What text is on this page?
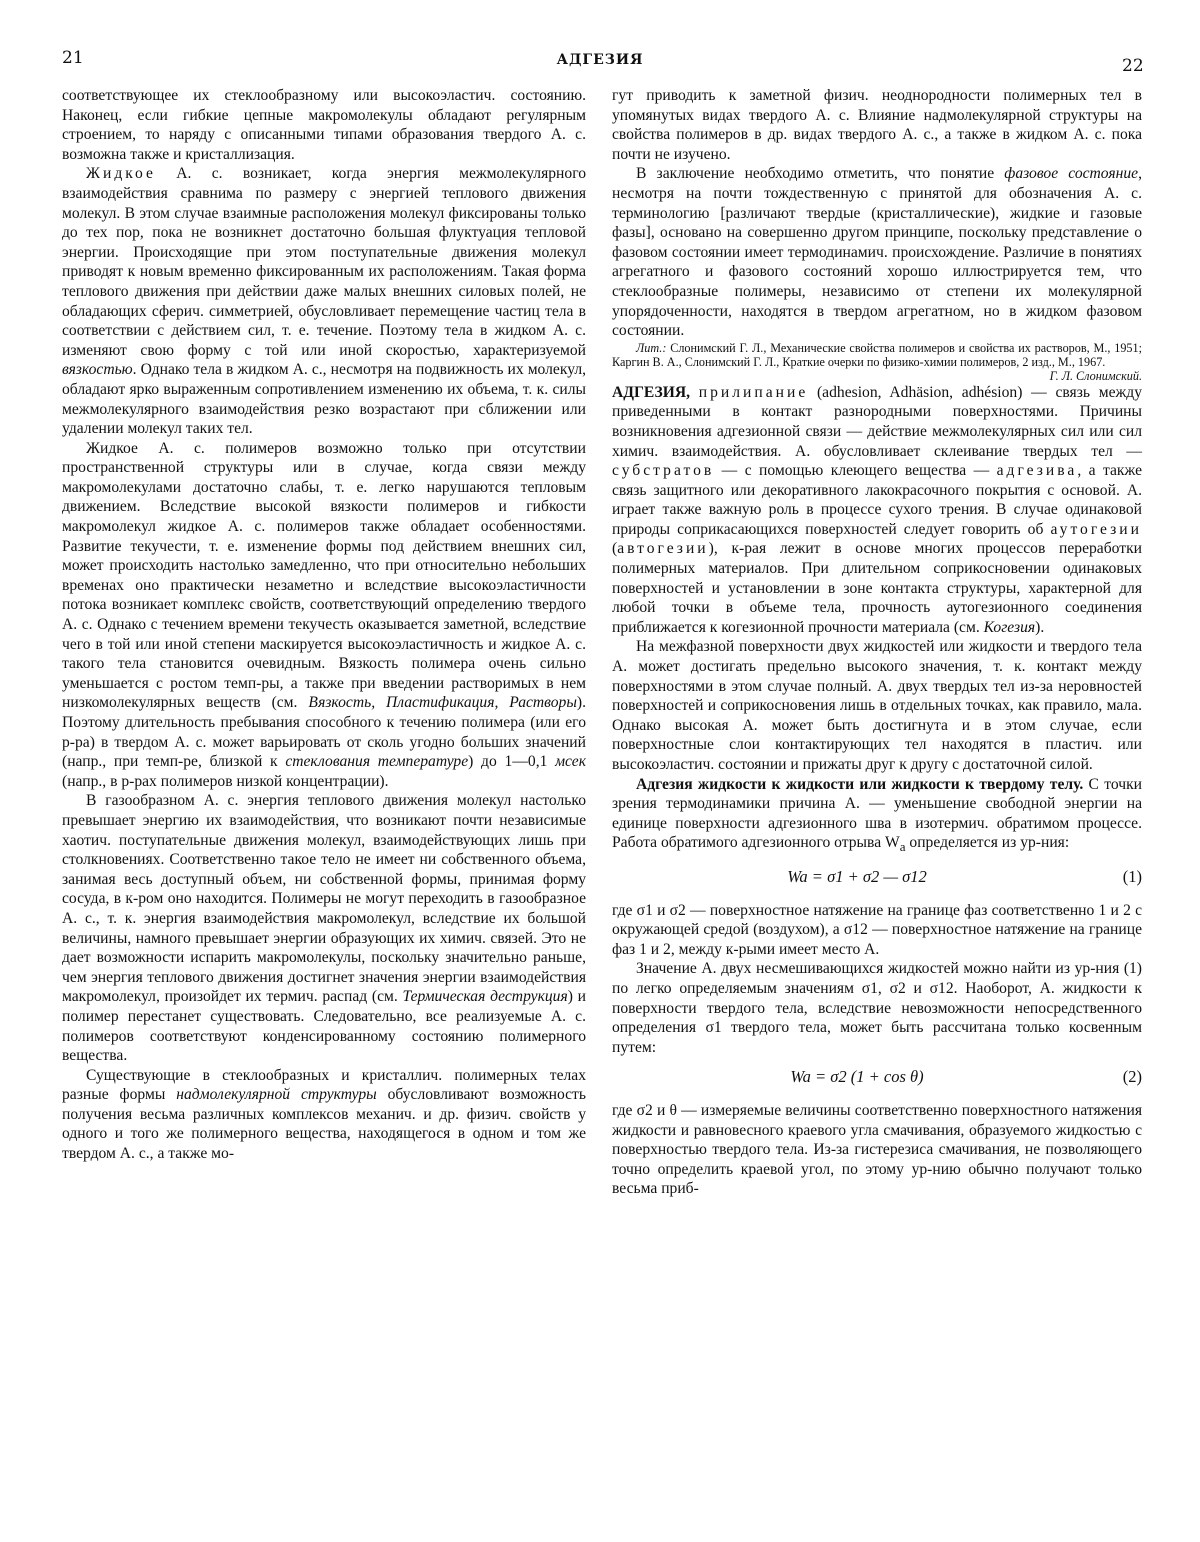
21	АДГЕЗИЯ	22

соответствующее их стеклообразному или высокоэластич. состоянию. Наконец, если гибкие цепные макромолекулы обладают регулярным строением, то наряду с описанными типами образования твердого А. с. возможна также и кристаллизация.

Жидкое А. с. возникает, когда энергия межмолекулярного взаимодействия сравнима по размеру с энергией теплового движения молекул. В этом случае взаимные расположения молекул фиксированы только до тех пор, пока не возникнет достаточно большая флуктуация тепловой энергии. Происходящие при этом поступательные движения молекул приводят к новым временно фиксированным их расположениям. Такая форма теплового движения при действии даже малых внешних силовых полей, не обладающих сферич. симметрией, обусловливает перемещение частиц тела в соответствии с действием сил, т. е. течение. Поэтому тела в жидком А. с. изменяют свою форму с той или иной скоростью, характеризуемой вязкостью. Однако тела в жидком А. с., несмотря на подвижность их молекул, обладают ярко выраженным сопротивлением изменению их объема, т. к. силы межмолекулярного взаимодействия резко возрастают при сближении или удалении молекул таких тел.

Жидкое А. с. полимеров возможно только при отсутствии пространственной структуры или в случае, когда связи между макромолекулами достаточно слабы, т. е. легко нарушаются тепловым движением. Вследствие высокой вязкости полимеров и гибкости макромолекул жидкое А. с. полимеров также обладает особенностями. Развитие текучести, т. е. изменение формы под действием внешних сил, может происходить настолько замедленно, что при относительно небольших временах оно практически незаметно и вследствие высокоэластичности потока возникает комплекс свойств, соответствующий определению твердого А. с. Однако с течением времени текучесть оказывается заметной, вследствие чего в той или иной степени маскируется высокоэластичность и жидкое А. с. такого тела становится очевидным. Вязкость полимера очень сильно уменьшается с ростом темп-ры, а также при введении растворимых в нем низкомолекулярных веществ (см. Вязкость, Пластификация, Растворы). Поэтому длительность пребывания способного к течению полимера (или его р-ра) в твердом А. с. может варьировать от сколь угодно больших значений (напр., при темп-ре, близкой к стеклования температуре) до 1—0,1 мсек (напр., в р-рах полимеров низкой концентрации).

В газообразном А. с. энергия теплового движения молекул настолько превышает энергию их взаимодействия, что возникают почти независимые хаотич. поступательные движения молекул, взаимодействующих лишь при столкновениях. Соответственно такое тело не имеет ни собственного объема, занимая весь доступный объем, ни собственной формы, принимая форму сосуда, в к-ром оно находится. Полимеры не могут переходить в газообразное А. с., т. к. энергия взаимодействия макромолекул, вследствие их большой величины, намного превышает энергии образующих их химич. связей. Это не дает возможности испарить макромолекулы, поскольку значительно раньше, чем энергия теплового движения достигнет значения энергии взаимодействия макромолекул, произойдет их термич. распад (см. Термическая деструкция) и полимер перестанет существовать. Следовательно, все реализуемые А. с. полимеров соответствуют конденсированному состоянию полимерного вещества.

Существующие в стеклообразных и кристаллич. полимерных телах разные формы надмолекулярной структуры обусловливают возможность получения весьма различных комплексов механич. и др. физич. свойств у одного и того же полимерного вещества, находящегося в одном и том же твердом А. с., а также мо-

гут приводить к заметной физич. неоднородности полимерных тел в упомянутых видах твердого А. с. Влияние надмолекулярной структуры на свойства полимеров в др. видах твердого А. с., а также в жидком А. с. пока почти не изучено.

В заключение необходимо отметить, что понятие фазовое состояние, несмотря на почти тождественную с принятой для обозначения А. с. терминологию [различают твердые (кристаллические), жидкие и газовые фазы], основано на совершенно другом принципе, поскольку представление о фазовом состоянии имеет термодинамич. происхождение. Различие в понятиях агрегатного и фазового состояний хорошо иллюстрируется тем, что стеклообразные полимеры, независимо от степени их молекулярной упорядоченности, находятся в твердом агрегатном, но в жидком фазовом состоянии.

Лит.: Слонимский Г. Л., Механические свойства полимеров и свойства их растворов, М., 1951; Каргин В. А., Слонимский Г. Л., Краткие очерки по физико-химии полимеров, 2 изд., М., 1967.
Г. Л. Слонимский.

АДГЕЗИЯ, прилипание (adhesion, Adhäsion, adhésion) — связь между приведенными в контакт разнородными поверхностями. Причины возникновения адгезионной связи — действие межмолекулярных сил или сил химич. взаимодействия. А. обусловливает склеивание твердых тел — субстратов — с помощью клеющего вещества — адгезива, а также связь защитного или декоративного лакокрасочного покрытия с основой. А. играет также важную роль в процессе сухого трения. В случае одинаковой природы соприкасающихся поверхностей следует говорить об аутогезии (автогезии), к-рая лежит в основе многих процессов переработки полимерных материалов. При длительном соприкосновении одинаковых поверхностей и установлении в зоне контакта структуры, характерной для любой точки в объеме тела, прочность аутогезионного соединения приближается к когезионной прочности материала (см. Когезия).

На межфазной поверхности двух жидкостей или жидкости и твердого тела А. может достигать предельно высокого значения, т. к. контакт между поверхностями в этом случае полный. А. двух твердых тел из-за неровностей поверхностей и соприкосновения лишь в отдельных точках, как правило, мала. Однако высокая А. может быть достигнута и в этом случае, если поверхностные слои контактирующих тел находятся в пластич. или высокоэластич. состоянии и прижаты друг к другу с достаточной силой.

Адгезия жидкости к жидкости или жидкости к твердому телу. С точки зрения термодинамики причина А. — уменьшение свободной энергии на единице поверхности адгезионного шва в изотермич. обратимом процессе. Работа обратимого адгезионного отрыва $W_a$ определяется из ур-ния:

Wa = σ1 + σ2 — σ12	(1)

где σ1 и σ2 — поверхностное натяжение на границе фаз соответственно 1 и 2 с окружающей средой (воздухом), а σ12 — поверхностное натяжение на границе фаз 1 и 2, между к-рыми имеет место А.

Значение А. двух несмешивающихся жидкостей можно найти из ур-ния (1) по легко определяемым значениям σ1, σ2 и σ12. Наоборот, А. жидкости к поверхности твердого тела, вследствие невозможности непосредственного определения σ1 твердого тела, может быть рассчитана только косвенным путем:

Wa = σ2 (1 + cos θ)	(2)

где σ2 и θ — измеряемые величины соответственно поверхностного натяжения жидкости и равновесного краевого угла смачивания, образуемого жидкостью с поверхностью твердого тела. Из-за гистерезиса смачивания, не позволяющего точно определить краевой угол, по этому ур-нию обычно получают только весьма приб-
